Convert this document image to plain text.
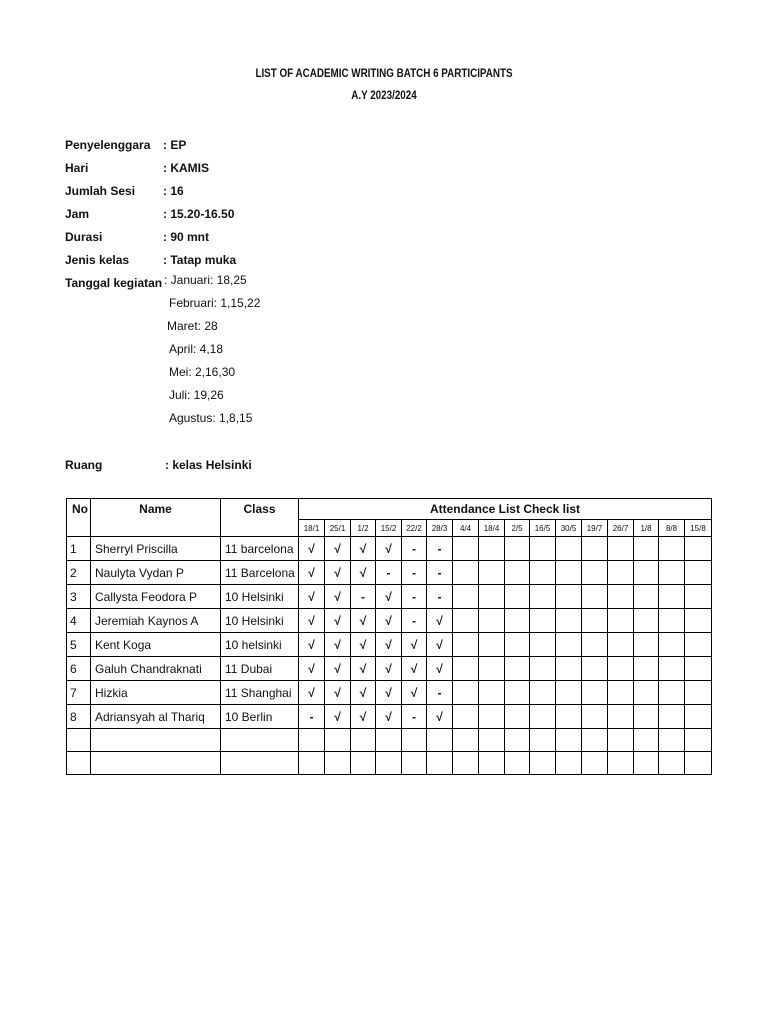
LIST OF ACADEMIC WRITING BATCH 6 PARTICIPANTS
A.Y 2023/2024
Penyelenggara	: EP
Hari	: KAMIS
Jumlah Sesi	: 16
Jam	: 15.20-16.50
Durasi	: 90 mnt
Jenis kelas	: Tatap muka
Tanggal kegiatan : Januari: 18,25
Februari: 1,15,22
Maret: 28
April: 4,18
Mei: 2,16,30
Juli: 19,26
Agustus: 1,8,15
Ruang	: kelas Helsinki
No	Name	Class	Attendance List Check list															
			18/1	25/1	1/2	15/2	22/2	28/3	4/4	18/4	2/5	16/5	30/5	19/7	26/7	1/8	8/8	15/8
1	Sherryl Priscilla	11 barcelona	√	√	√	√	-	-										
2	Naulyta Vydan P	11 Barcelona	√	√	√	-	-	-										
3	Callysta Feodora P	10 Helsinki	√	√	-	√	-	-										
4	Jeremiah Kaynos A	10 Helsinki	√	√	√	√	-	√										
5	Kent Koga	10 helsinki	√	√	√	√	√	√										
6	Galuh Chandraknati	11 Dubai	√	√	√	√	√	√										
7	Hizkia	11 Shanghai	√	√	√	√	√	-										
8	Adriansyah al Thariq	10 Berlin	-	√	√	√	-	√										
